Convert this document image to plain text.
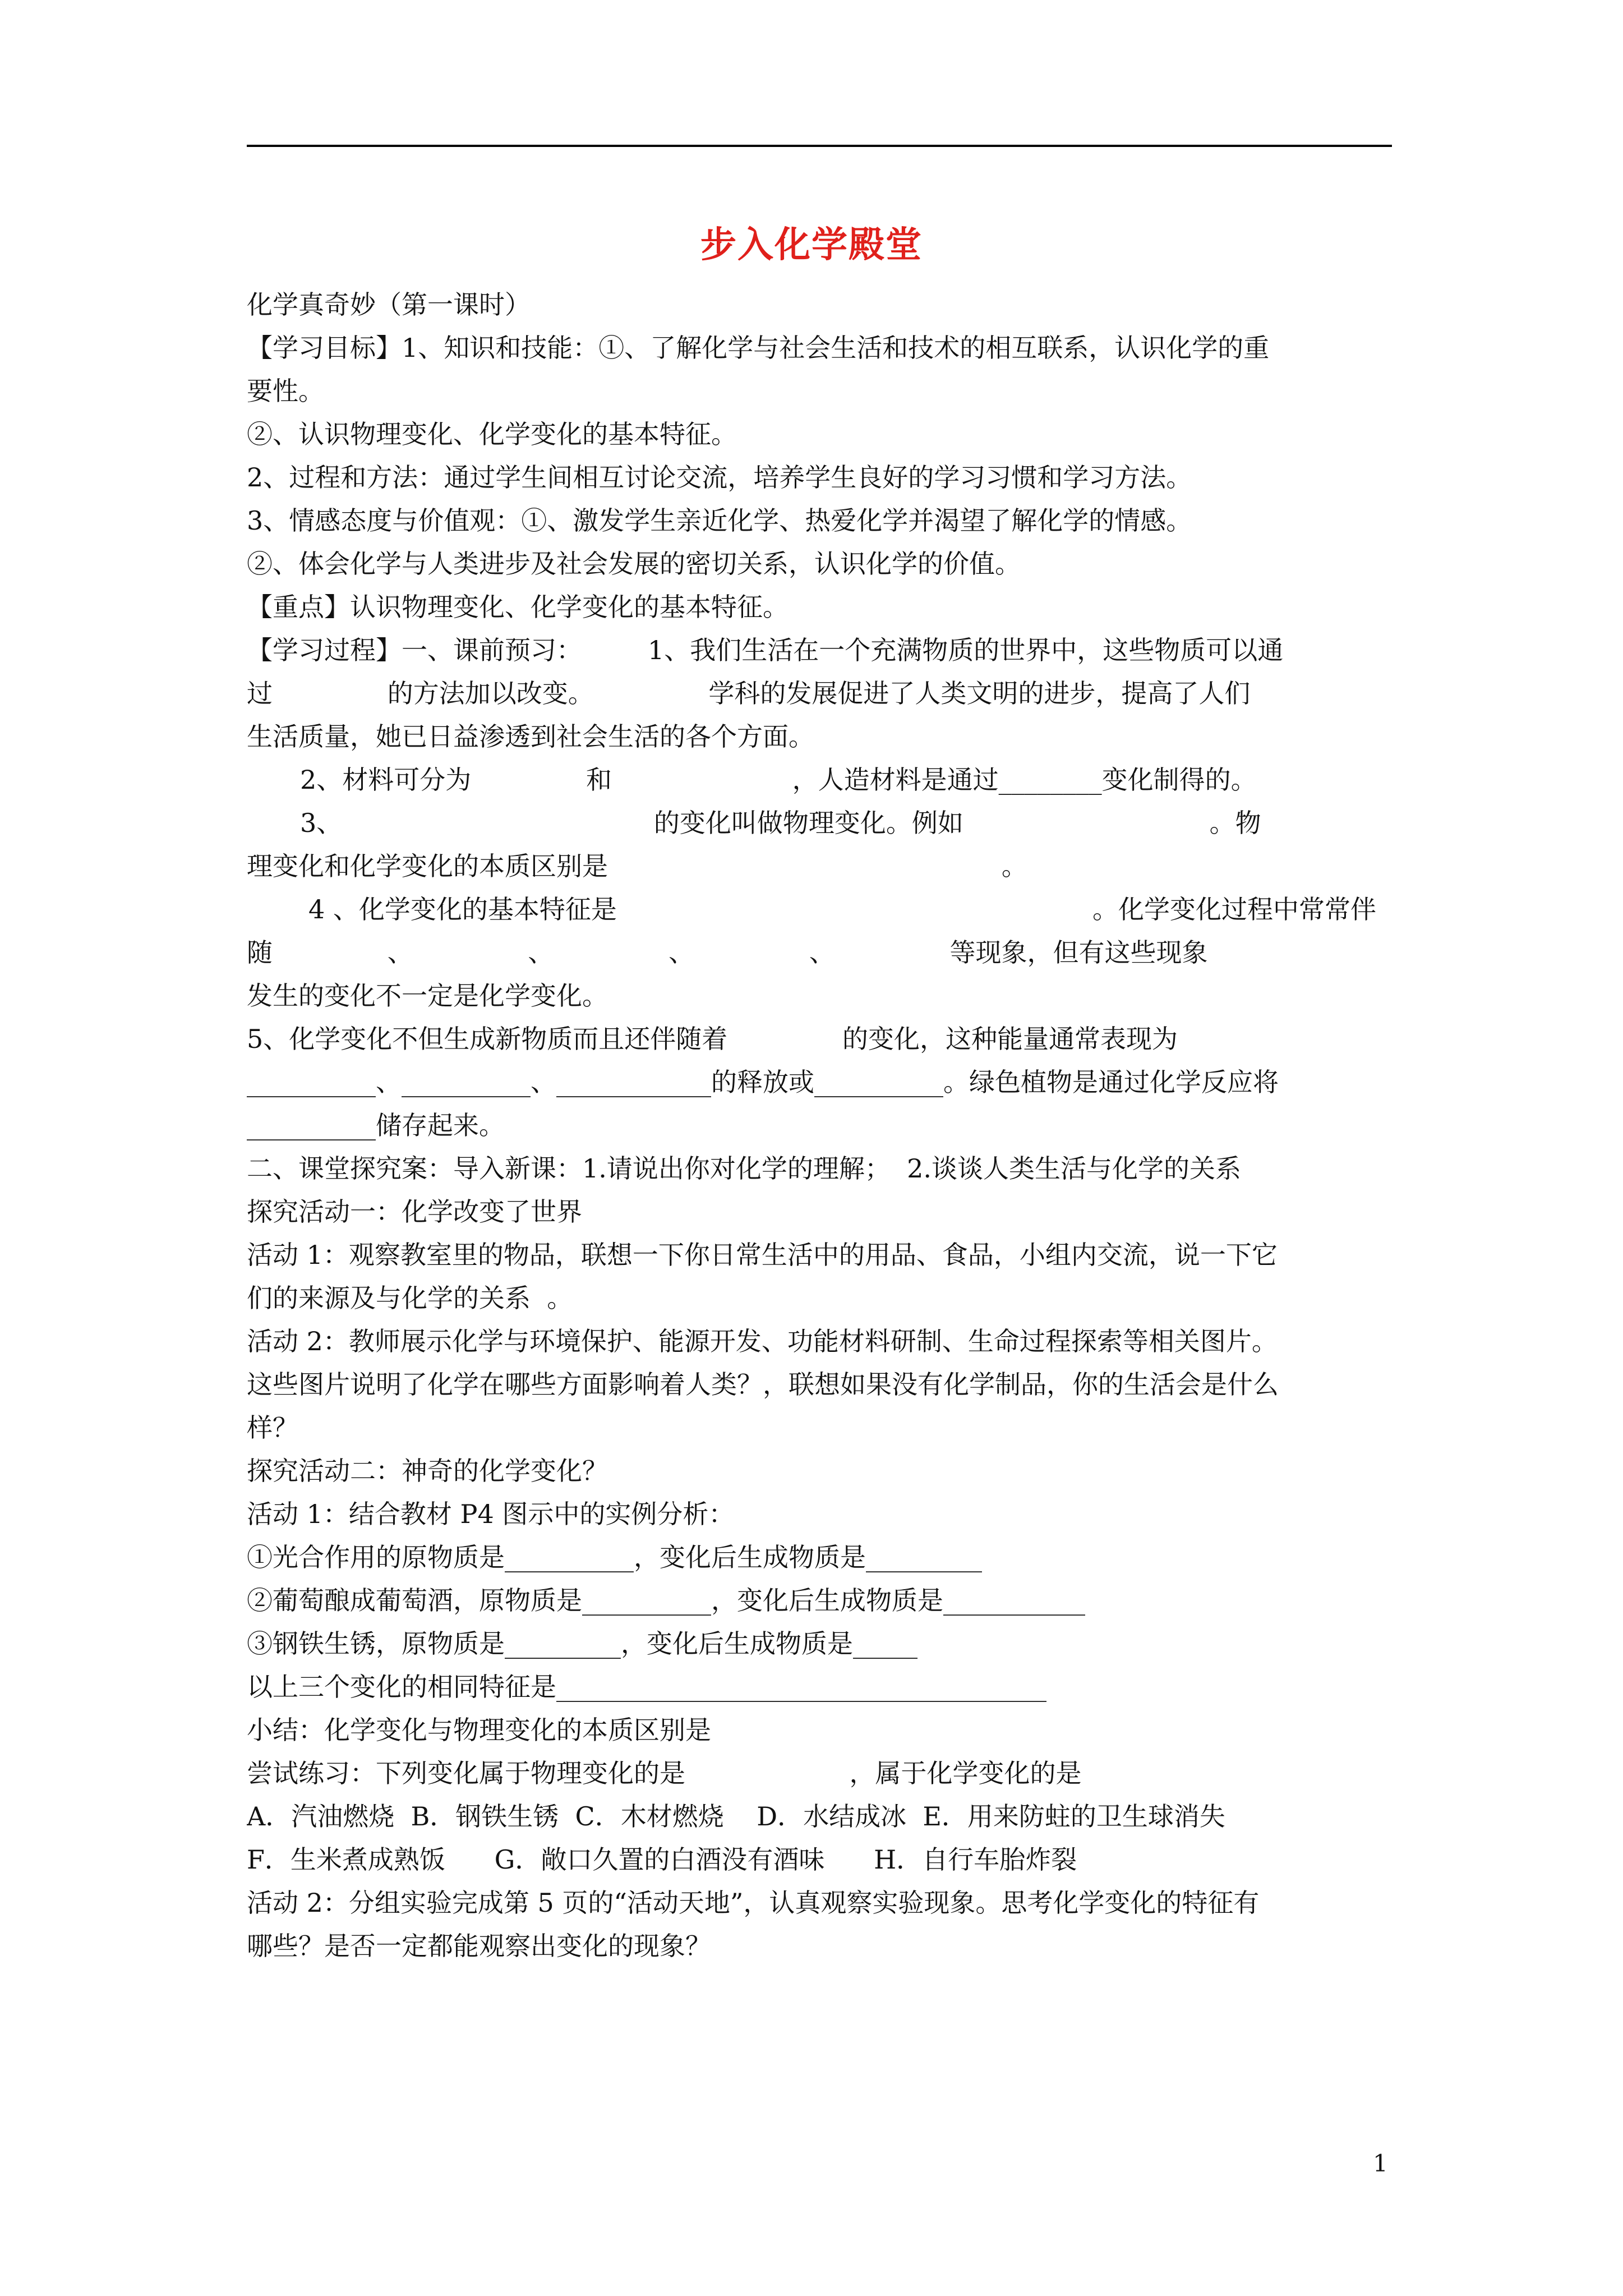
步入化学殿堂
化学真奇妙（第一课时）
【学习目标】1、知识和技能：①、了解化学与社会生活和技术的相互联系，认识化学的重
要性。
②、认识物理变化、化学变化的基本特征。
2、过程和方法：通过学生间相互讨论交流，培养学生良好的学习习惯和学习方法。
3、情感态度与价值观：①、激发学生亲近化学、热爱化学并渴望了解化学的情感。
②、体会化学与人类进步及社会发展的密切关系，认识化学的价值。
【重点】认识物理变化、化学变化的基本特征。
【学习过程】一、课前预习：        1、我们生活在一个充满物质的世界中，这些物质可以通
过              的方法加以改变。              学科的发展促进了人类文明的进步，提高了人们
生活质量，她已日益渗透到社会生活的各个方面。
2、材料可分为              和                      ，人造材料是通过________变化制得的。
3、                                      的变化叫做物理变化。例如                              。物
理变化和化学变化的本质区别是                                                。
4 、化学变化的基本特征是                                                          。化学变化过程中常常伴
随              、              、              、              、              等现象，但有这些现象
发生的变化不一定是化学变化。
5、化学变化不但生成新物质而且还伴随着              的变化，这种能量通常表现为
__________、__________、____________的释放或__________。绿色植物是通过化学反应将
__________储存起来。
二、课堂探究案：导入新课：1.请说出你对化学的理解；  2.谈谈人类生活与化学的关系
探究活动一：化学改变了世界
活动 1：观察教室里的物品，联想一下你日常生活中的用品、食品，小组内交流，说一下它
们的来源及与化学的关系  。
活动 2：教师展示化学与环境保护、能源开发、功能材料研制、生命过程探索等相关图片。
这些图片说明了化学在哪些方面影响着人类？，联想如果没有化学制品，你的生活会是什么
样？
探究活动二：神奇的化学变化？
活动 1：结合教材 P4 图示中的实例分析：
①光合作用的原物质是__________，变化后生成物质是_________
②葡萄酿成葡萄酒，原物质是__________，变化后生成物质是___________
③钢铁生锈，原物质是_________，变化后生成物质是_____
以上三个变化的相同特征是______________________________________
小结：化学变化与物理变化的本质区别是
尝试练习：下列变化属于物理变化的是                    ，属于化学变化的是
A．汽油燃烧  B．钢铁生锈  C．木材燃烧    D．水结成冰  E．用来防蛀的卫生球消失
F．生米煮成熟饭      G．敞口久置的白酒没有酒味      H．自行车胎炸裂
活动 2：分组实验完成第 5 页的“活动天地”，认真观察实验现象。思考化学变化的特征有
哪些？是否一定都能观察出变化的现象？
1
